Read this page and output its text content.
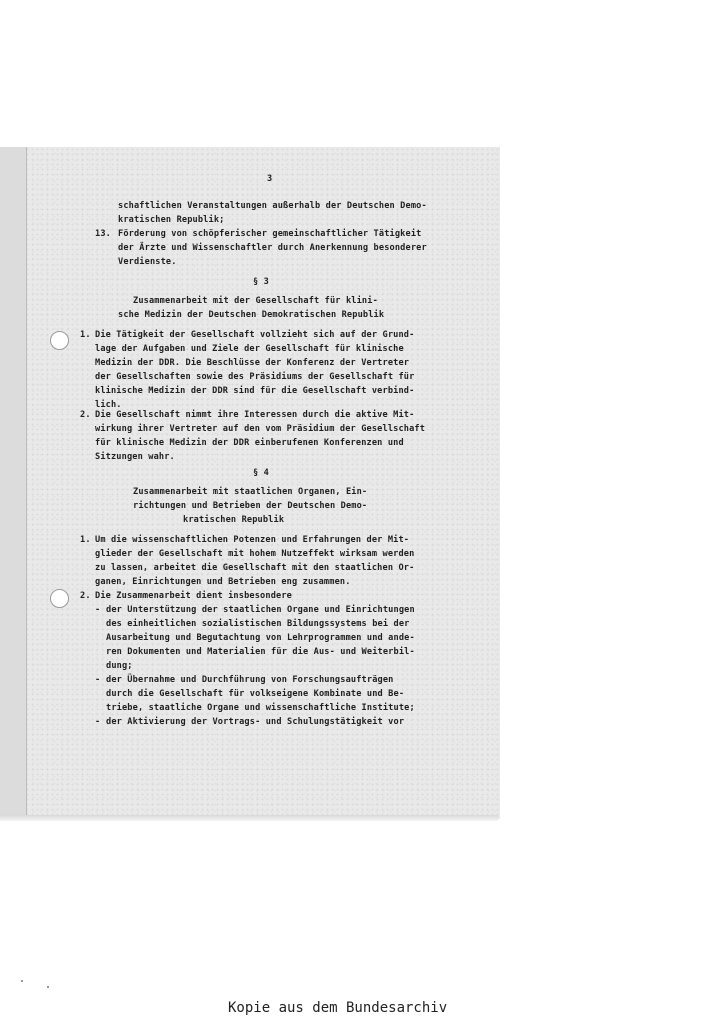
3
schaftlichen Veranstaltungen außerhalb der Deutschen Demo-
kratischen Republik;
13. Förderung von schöpferischer gemeinschaftlicher Tätigkeit
der Ärzte und Wissenschaftler durch Anerkennung besonderer
Verdienste.
§ 3
Zusammenarbeit mit der Gesellschaft für klini-
sche Medizin der Deutschen Demokratischen Republik
1. Die Tätigkeit der Gesellschaft vollzieht sich auf der Grund-
lage der Aufgaben und Ziele der Gesellschaft für klinische
Medizin der DDR. Die Beschlüsse der Konferenz der Vertreter
der Gesellschaften sowie des Präsidiums der Gesellschaft für
klinische Medizin der DDR sind für die Gesellschaft verbind-
lich.
2. Die Gesellschaft nimmt ihre Interessen durch die aktive Mit-
wirkung ihrer Vertreter auf den vom Präsidium der Gesellschaft
für klinische Medizin der DDR einberufenen Konferenzen und
Sitzungen wahr.
§ 4
Zusammenarbeit mit staatlichen Organen, Ein-
richtungen und Betrieben der Deutschen Demo-
kratischen Republik
1. Um die wissenschaftlichen Potenzen und Erfahrungen der Mit-
glieder der Gesellschaft mit hohem Nutzeffekt wirksam werden
zu lassen, arbeitet die Gesellschaft mit den staatlichen Or-
ganen, Einrichtungen und Betrieben eng zusammen.
2. Die Zusammenarbeit dient insbesondere
- der Unterstützung der staatlichen Organe und Einrichtungen
des einheitlichen sozialistischen Bildungssystems bei der
Ausarbeitung und Begutachtung von Lehrprogrammen und ande-
ren Dokumenten und Materialien für die Aus- und Weiterbil-
dung;
- der Übernahme und Durchführung von Forschungsaufträgen
durch die Gesellschaft für volkseigene Kombinate und Be-
triebe, staatliche Organe und wissenschaftliche Institute;
- der Aktivierung der Vortrags- und Schulungstätigkeit vor
Kopie aus dem Bundesarchiv
